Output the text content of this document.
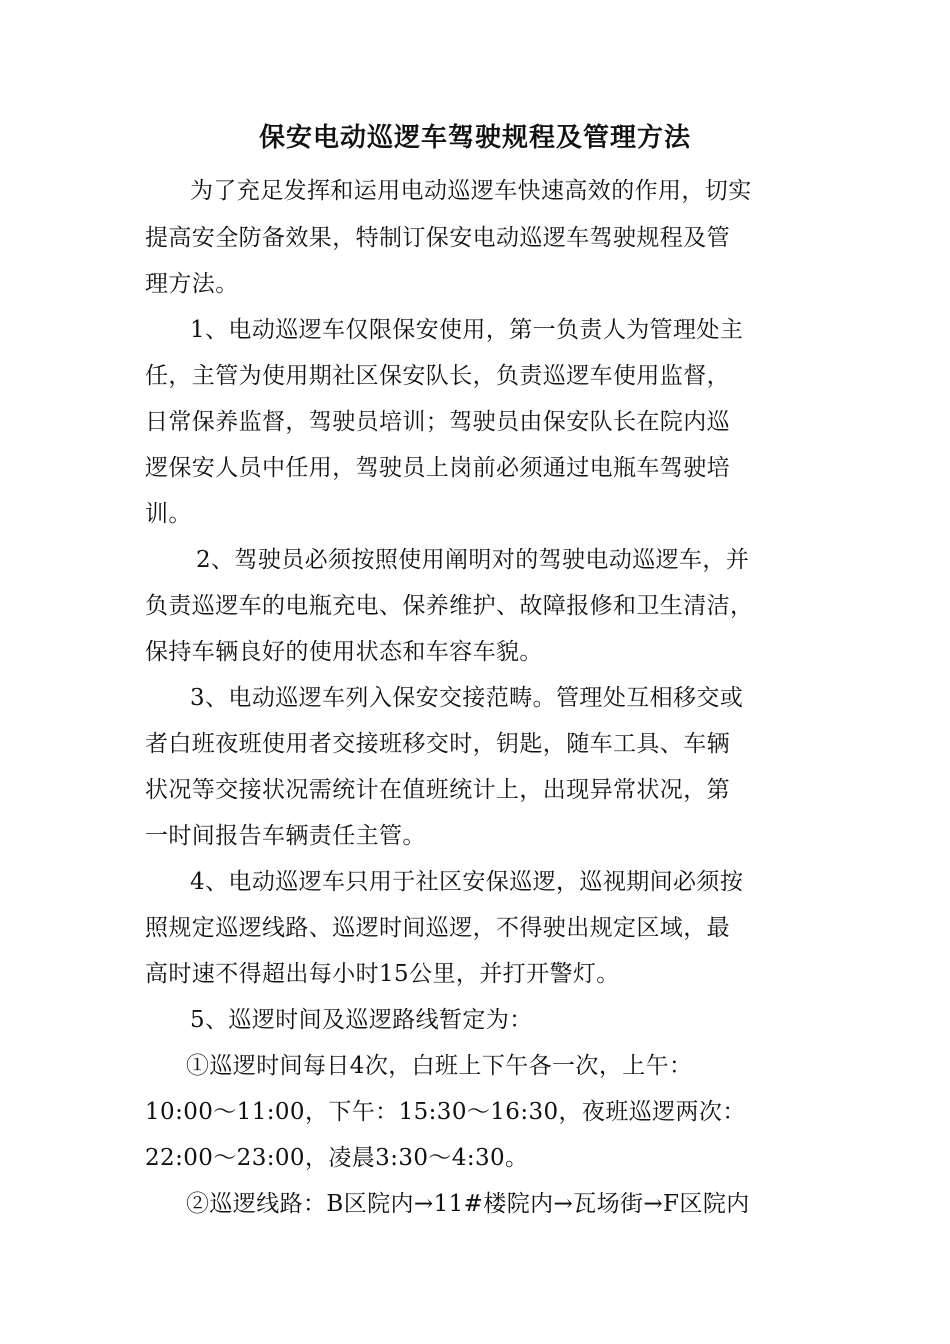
保安电动巡逻车驾驶规程及管理方法
为了充足发挥和运用电动巡逻车快速高效的作用，切实
提高安全防备效果，特制订保安电动巡逻车驾驶规程及管
理方法。
1、电动巡逻车仅限保安使用，第一负责人为管理处主
任，主管为使用期社区保安队长，负责巡逻车使用监督，
日常保养监督，驾驶员培训；驾驶员由保安队长在院内巡
逻保安人员中任用，驾驶员上岗前必须通过电瓶车驾驶培
训。
2、驾驶员必须按照使用阐明对的驾驶电动巡逻车，并
负责巡逻车的电瓶充电、保养维护、故障报修和卫生清洁，
保持车辆良好的使用状态和车容车貌。
3、电动巡逻车列入保安交接范畴。管理处互相移交或
者白班夜班使用者交接班移交时，钥匙，随车工具、车辆
状况等交接状况需统计在值班统计上，出现异常状况，第
一时间报告车辆责任主管。
4、电动巡逻车只用于社区安保巡逻，巡视期间必须按
照规定巡逻线路、巡逻时间巡逻，不得驶出规定区域，最
高时速不得超出每小时15公里，并打开警灯。
5、巡逻时间及巡逻路线暂定为：
①巡逻时间每日4次，白班上下午各一次，上午：
10:00～11:00，下午：15:30～16:30，夜班巡逻两次：
22:00～23:00，凌晨3:30～4:30。
②巡逻线路：B区院内→11#楼院内→瓦场街→F区院内
